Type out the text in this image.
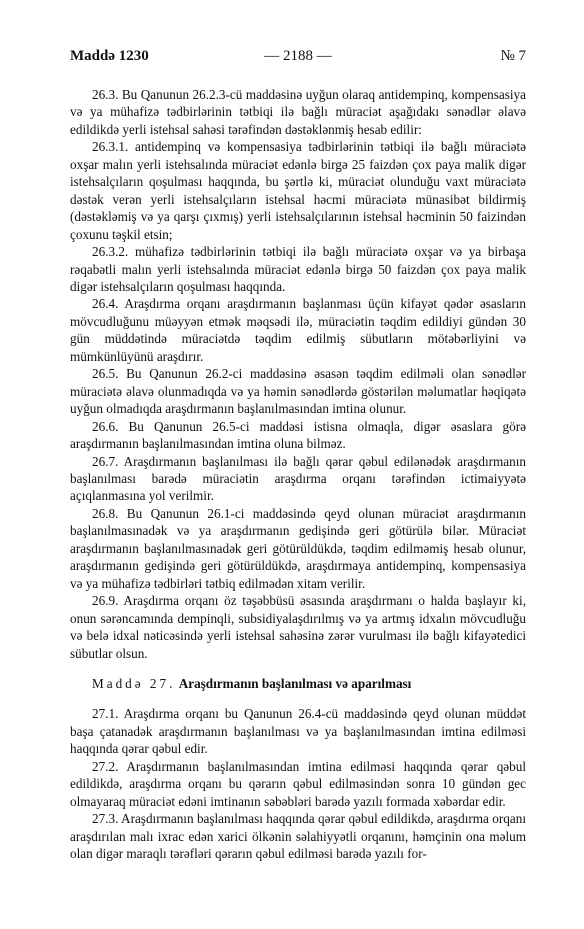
Maddə 1230	— 2188 —	№ 7

26.3. Bu Qanunun 26.2.3-cü maddəsinə uyğun olaraq antidempinq, kompensasiya və ya mühafizə tədbirlərinin tətbiqi ilə bağlı müraciət aşağıdakı sənədlər əlavə edildikdə yerli istehsal sahəsi tərəfindən dəstəklənmiş hesab edilir:

26.3.1. antidempinq və kompensasiya tədbirlərinin tətbiqi ilə bağlı müraciətə oxşar malın yerli istehsalında müraciət edənlə birgə 25 faizdən çox paya malik digər istehsalçıların qoşulması haqqında, bu şərtlə ki, müraciət olunduğu vaxt müraciətə dəstək verən yerli istehsalçıların istehsal həcmi müraciətə münasibət bildirmiş (dəstəkləmiş və ya qarşı çıxmış) yerli istehsalçılarının istehsal həcminin 50 faizindən çoxunu təşkil etsin;

26.3.2. mühafizə tədbirlərinin tətbiqi ilə bağlı müraciətə oxşar və ya birbaşa rəqabətli malın yerli istehsalında müraciət edənlə birgə 50 faizdən çox paya malik digər istehsalçıların qoşulması haqqında.

26.4. Araşdırma orqanı araşdırmanın başlanması üçün kifayət qədər əsasların mövcudluğunu müəyyən etmək məqsədi ilə, müraciətin təqdim edildiyi gündən 30 gün müddətində müraciətdə təqdim edilmiş sübutların mötəbərliyini və mümkünlüyünü araşdırır.

26.5. Bu Qanunun 26.2-ci maddəsinə əsasən təqdim edilməli olan sənədlər müraciətə əlavə olunmadıqda və ya həmin sənədlərdə göstərilən məlumatlar həqiqətə uyğun olmadıqda araşdırmanın başlanılmasından imtina olunur.

26.6. Bu Qanunun 26.5-ci maddəsi istisna olmaqla, digər əsaslara görə araşdırmanın başlanılmasından imtina oluna bilməz.

26.7. Araşdırmanın başlanılması ilə bağlı qərar qəbul edilənədək araşdırmanın başlanılması barədə müraciətin araşdırma orqanı tərəfindən ictimaiyyətə açıqlanmasına yol verilmir.

26.8. Bu Qanunun 26.1-ci maddəsində qeyd olunan müraciət araşdırmanın başlanılmasınadək və ya araşdırmanın gedişində geri götürülə bilər. Müraciət araşdırmanın başlanılmasınadək geri götürüldükdə, təqdim edilməmiş hesab olunur, araşdırmanın gedişində geri götürüldükdə, araşdırmaya antidempinq, kompensasiya və ya mühafizə tədbirləri tətbiq edilmədən xitam verilir.

26.9. Araşdırma orqanı öz təşəbbüsü əsasında araşdırmanı o halda başlayır ki, onun sərəncamında dempinqli, subsidiyalaşdırılmış və ya artmış idxalın mövcudluğu və belə idxal nəticəsində yerli istehsal sahəsinə zərər vurulması ilə bağlı kifayətedici sübutlar olsun.

Maddə 27. Araşdırmanın başlanılması və aparılması

27.1. Araşdırma orqanı bu Qanunun 26.4-cü maddəsində qeyd olunan müddət başa çatanadək araşdırmanın başlanılması və ya başlanılmasından imtina edilməsi haqqında qərar qəbul edir.

27.2. Araşdırmanın başlanılmasından imtina edilməsi haqqında qərar qəbul edildikdə, araşdırma orqanı bu qərarın qəbul edilməsindən sonra 10 gündən gec olmayaraq müraciət edəni imtinanın səbəbləri barədə yazılı formada xəbərdar edir.

27.3. Araşdırmanın başlanılması haqqında qərar qəbul edildikdə, araşdırma orqanı araşdırılan malı ixrac edən xarici ölkənin səlahiyyətli orqanını, həmçinin ona məlum olan digər maraqlı tərəfləri qərarın qəbul edilməsi barədə yazılı for-
